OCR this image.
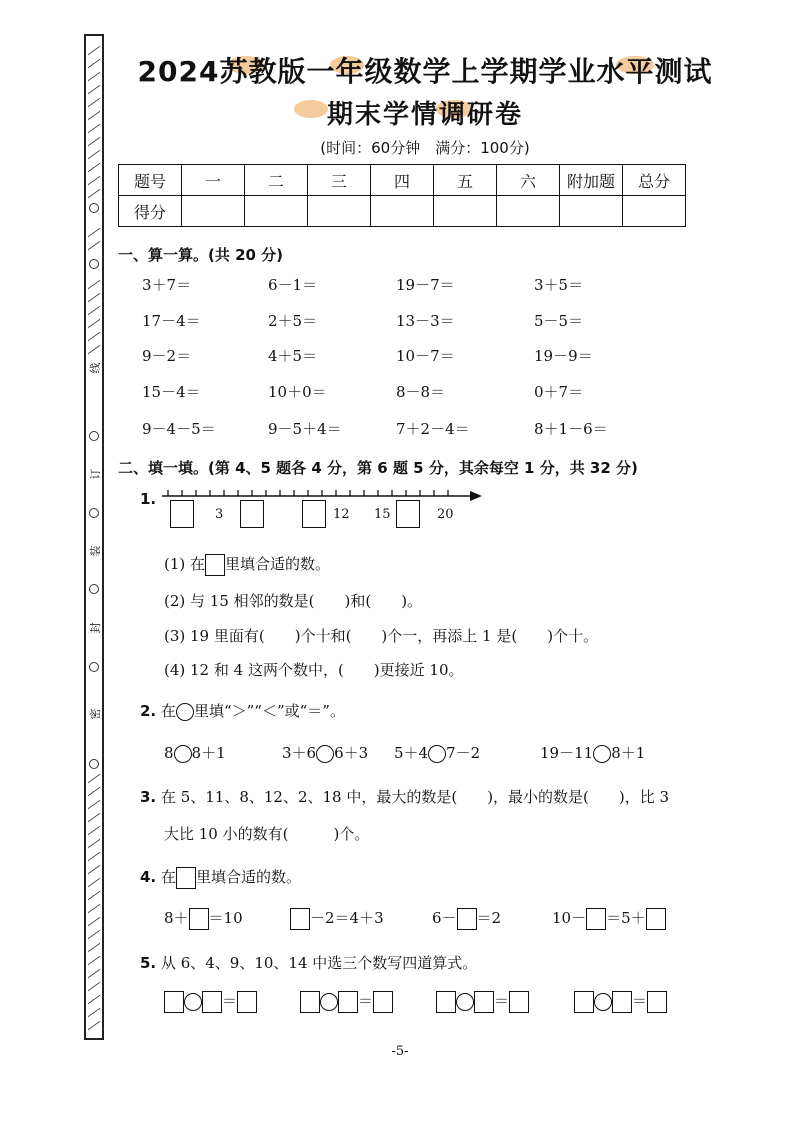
线
订
装
封
密
2024苏教版一年级数学上学期学业水平测试
期末学情调研卷
(时间：60分钟　满分：100分)
题号	一	二	三	四	五	六	附加题	总分
得分								
一、算一算。(共 20 分)
3＋7＝	6－1＝	19－7＝	3＋5＝
17－4＝	2＋5＝	13－3＝	5－5＝
9－2＝	4＋5＝	10－7＝	19－9＝
15－4＝	10＋0＝	8－8＝	0＋7＝
9－4－5＝	9－5＋4＝	7＋2－4＝	8＋1－6＝
二、填一填。(第 4、5 题各 4 分，第 6 题 5 分，其余每空 1 分，共 32 分)
1.
3	12 15	20
(1) 在 里填合适的数。
(2) 与 15 相邻的数是(　　)和(　　)。
(3) 19 里面有(　　)个十和(　　)个一，再添上 1 是(　　)个十。
(4) 12 和 4 这两个数中，(　　)更接近 10。
2. 在 里填“＞”“＜”或“＝”。
8 8＋1	3＋6 6＋3 5＋4 7－2	19－11 8＋1
3. 在 5、11、8、12、2、18 中，最大的数是(　　)，最小的数是(　　)，比 3
大比 10 小的数有(　　　)个。
4. 在 里填合适的数。
8＋ ＝10	－2＝4＋3	6－ ＝2	10－ ＝5＋
5. 从 6、4、9、10、14 中选三个数写四道算式。
＝	＝	＝	＝
-5-
